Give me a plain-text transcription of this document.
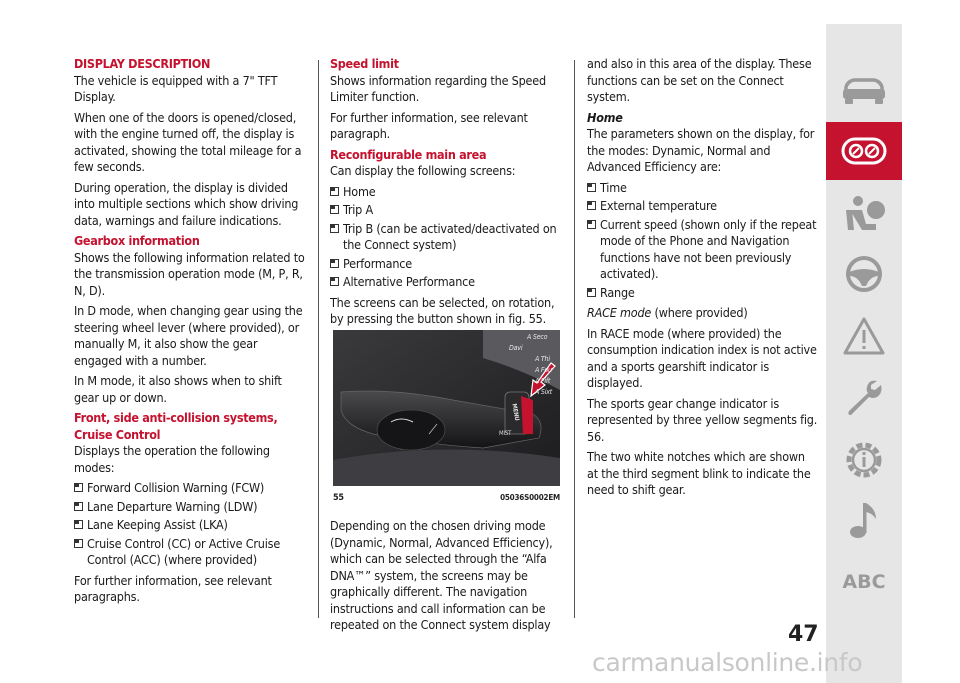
DISPLAY DESCRIPTION

The vehicle is equipped with a 7" TFT Display.

When one of the doors is opened/closed, with the engine turned off, the display is activated, showing the total mileage for a few seconds.

During operation, the display is divided into multiple sections which show driving data, warnings and failure indications.

Gearbox information

Shows the following information related to the transmission operation mode (M, P, R, N, D).

In D mode, when changing gear using the steering wheel lever (where provided), or manually M, it also show the gear engaged with a number.

In M mode, it also shows when to shift gear up or down.

Front, side anti-collision systems, Cruise Control

Displays the operation the following modes:

Forward Collision Warning (FCW)
Lane Departure Warning (LDW)
Lane Keeping Assist (LKA)
Cruise Control (CC) or Active Cruise Control (ACC) (where provided)

For further information, see relevant paragraphs.

Speed limit

Shows information regarding the Speed Limiter function.

For further information, see relevant paragraph.

Reconfigurable main area

Can display the following screens:

Home
Trip A
Trip B (can be activated/deactivated on the Connect system)
Performance
Alternative Performance

The screens can be selected, on rotation, by pressing the button shown in fig. 55.

A Seco
Davi
A Thi
A Fou
A Fift
A Sixt
MENU
MIST
55	05036S0002EM

Depending on the chosen driving mode (Dynamic, Normal, Advanced Efficiency), which can be selected through the “Alfa DNA™” system, the screens may be graphically different. The navigation instructions and call information can be repeated on the Connect system display

and also in this area of the display. These functions can be set on the Connect system.

Home

The parameters shown on the display, for the modes: Dynamic, Normal and Advanced Efficiency are:

Time
External temperature
Current speed (shown only if the repeat mode of the Phone and Navigation functions have not been previously activated).
Range

RACE mode (where provided)

In RACE mode (where provided) the consumption indication index is not active and a sports gearshift indicator is displayed.

The sports gear change indicator is represented by three yellow segments fig. 56.

The two white notches which are shown at the third segment blink to indicate the need to shift gear.

ABC
47
carmanualsonline.info
